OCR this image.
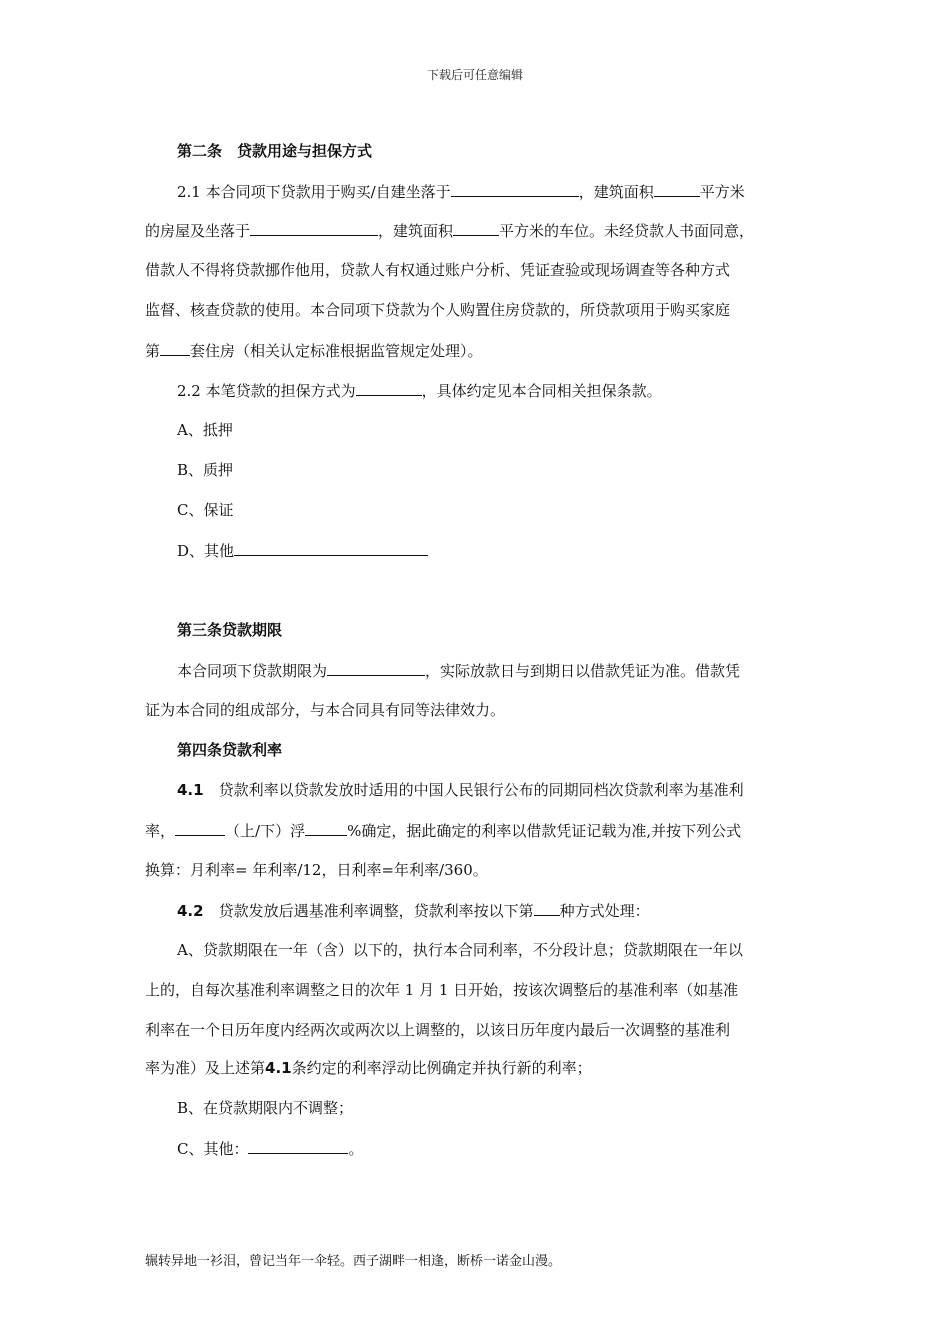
下载后可任意编辑
第二条　贷款用途与担保方式
2.1 本合同项下贷款用于购买/自建坐落于	，建筑面积	平方米
的房屋及坐落于	，建筑面积	平方米的车位。未经贷款人书面同意，
借款人不得将贷款挪作他用，贷款人有权通过账户分析、凭证查验或现场调查等各种方式
监督、核查贷款的使用。本合同项下贷款为个人购置住房贷款的，所贷款项用于购买家庭
第 套住房（相关认定标准根据监管规定处理）。
2.2 本笔贷款的担保方式为	，具体约定见本合同相关担保条款。
A、抵押
B、质押
C、保证
D、其他
第三条贷款期限
本合同项下贷款期限为	，实际放款日与到期日以借款凭证为准。借款凭
证为本合同的组成部分，与本合同具有同等法律效力。
第四条贷款利率
4.1　贷款利率以贷款发放时适用的中国人民银行公布的同期同档次贷款利率为基准利
率，	（上/下）浮	%确定，据此确定的利率以借款凭证记载为准,并按下列公式
换算：月利率= 年利率/12，日利率=年利率/360。
4.2　贷款发放后遇基准利率调整，贷款利率按以下第 种方式处理：
A、贷款期限在一年（含）以下的，执行本合同利率，不分段计息；贷款期限在一年以
上的，自每次基准利率调整之日的次年 1 月 1 日开始，按该次调整后的基准利率（如基准
利率在一个日历年度内经两次或两次以上调整的，以该日历年度内最后一次调整的基准利
率为准）及上述第4.1条约定的利率浮动比例确定并执行新的利率；
B、在贷款期限内不调整；
C、其他：	。
辗转异地一衫泪，曾记当年一伞轻。西子湖畔一相逢，断桥一诺金山漫。
